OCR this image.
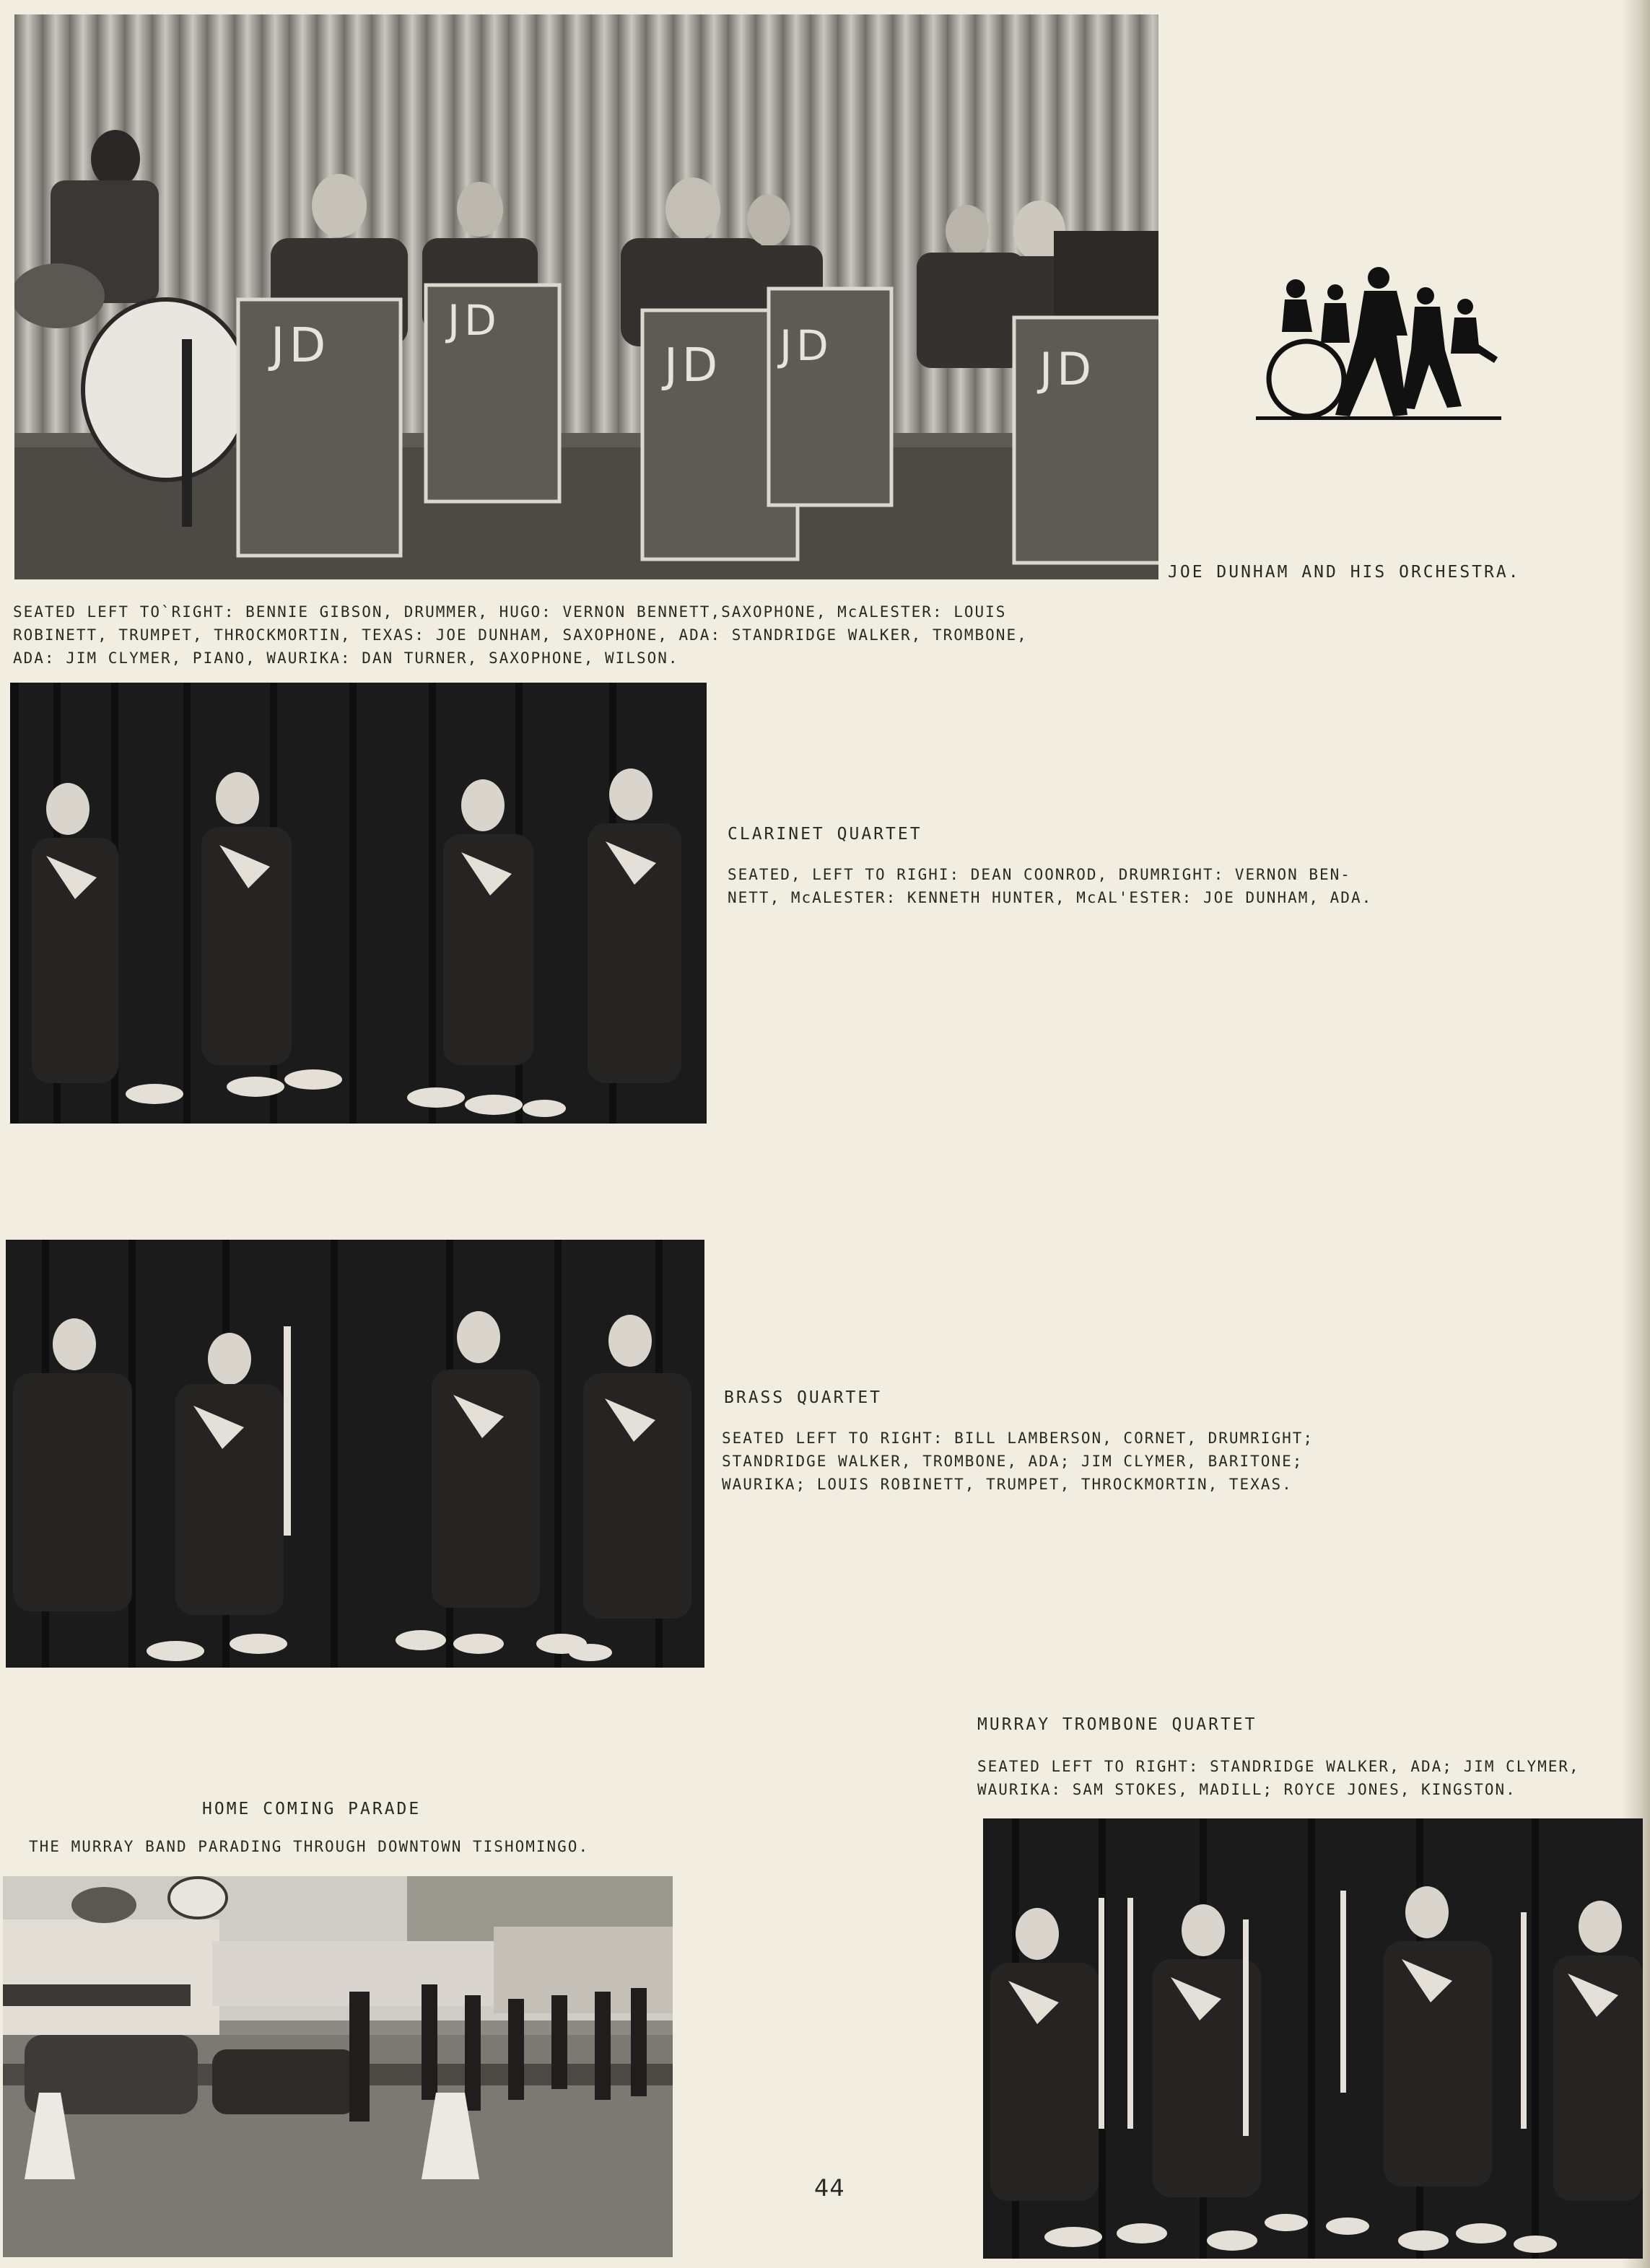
JD	JD
JD JD	JD

JOE DUNHAM AND HIS ORCHESTRA.

SEATED LEFT TO`RIGHT: BENNIE GIBSON, DRUMMER, HUGO: VERNON BENNETT,SAXOPHONE, McALESTER: LOUIS
ROBINETT, TRUMPET, THROCKMORTIN, TEXAS: JOE DUNHAM, SAXOPHONE, ADA: STANDRIDGE WALKER, TROMBONE,
ADA: JIM CLYMER, PIANO, WAURIKA: DAN TURNER, SAXOPHONE, WILSON.

CLARINET QUARTET

SEATED, LEFT TO RIGHI: DEAN COONROD, DRUMRIGHT: VERNON BEN-
NETT, McALESTER: KENNETH HUNTER, McAL'ESTER: JOE DUNHAM, ADA.

BRASS QUARTET

SEATED LEFT TO RIGHT: BILL LAMBERSON, CORNET, DRUMRIGHT;
STANDRIDGE WALKER, TROMBONE, ADA; JIM CLYMER, BARITONE;
WAURIKA; LOUIS ROBINETT, TRUMPET, THROCKMORTIN, TEXAS.

MURRAY TROMBONE QUARTET

SEATED LEFT TO RIGHT: STANDRIDGE WALKER, ADA; JIM CLYMER,
WAURIKA: SAM STOKES, MADILL; ROYCE JONES, KINGSTON.

HOME COMING PARADE

THE MURRAY BAND PARADING THROUGH DOWNTOWN TISHOMINGO.

44
